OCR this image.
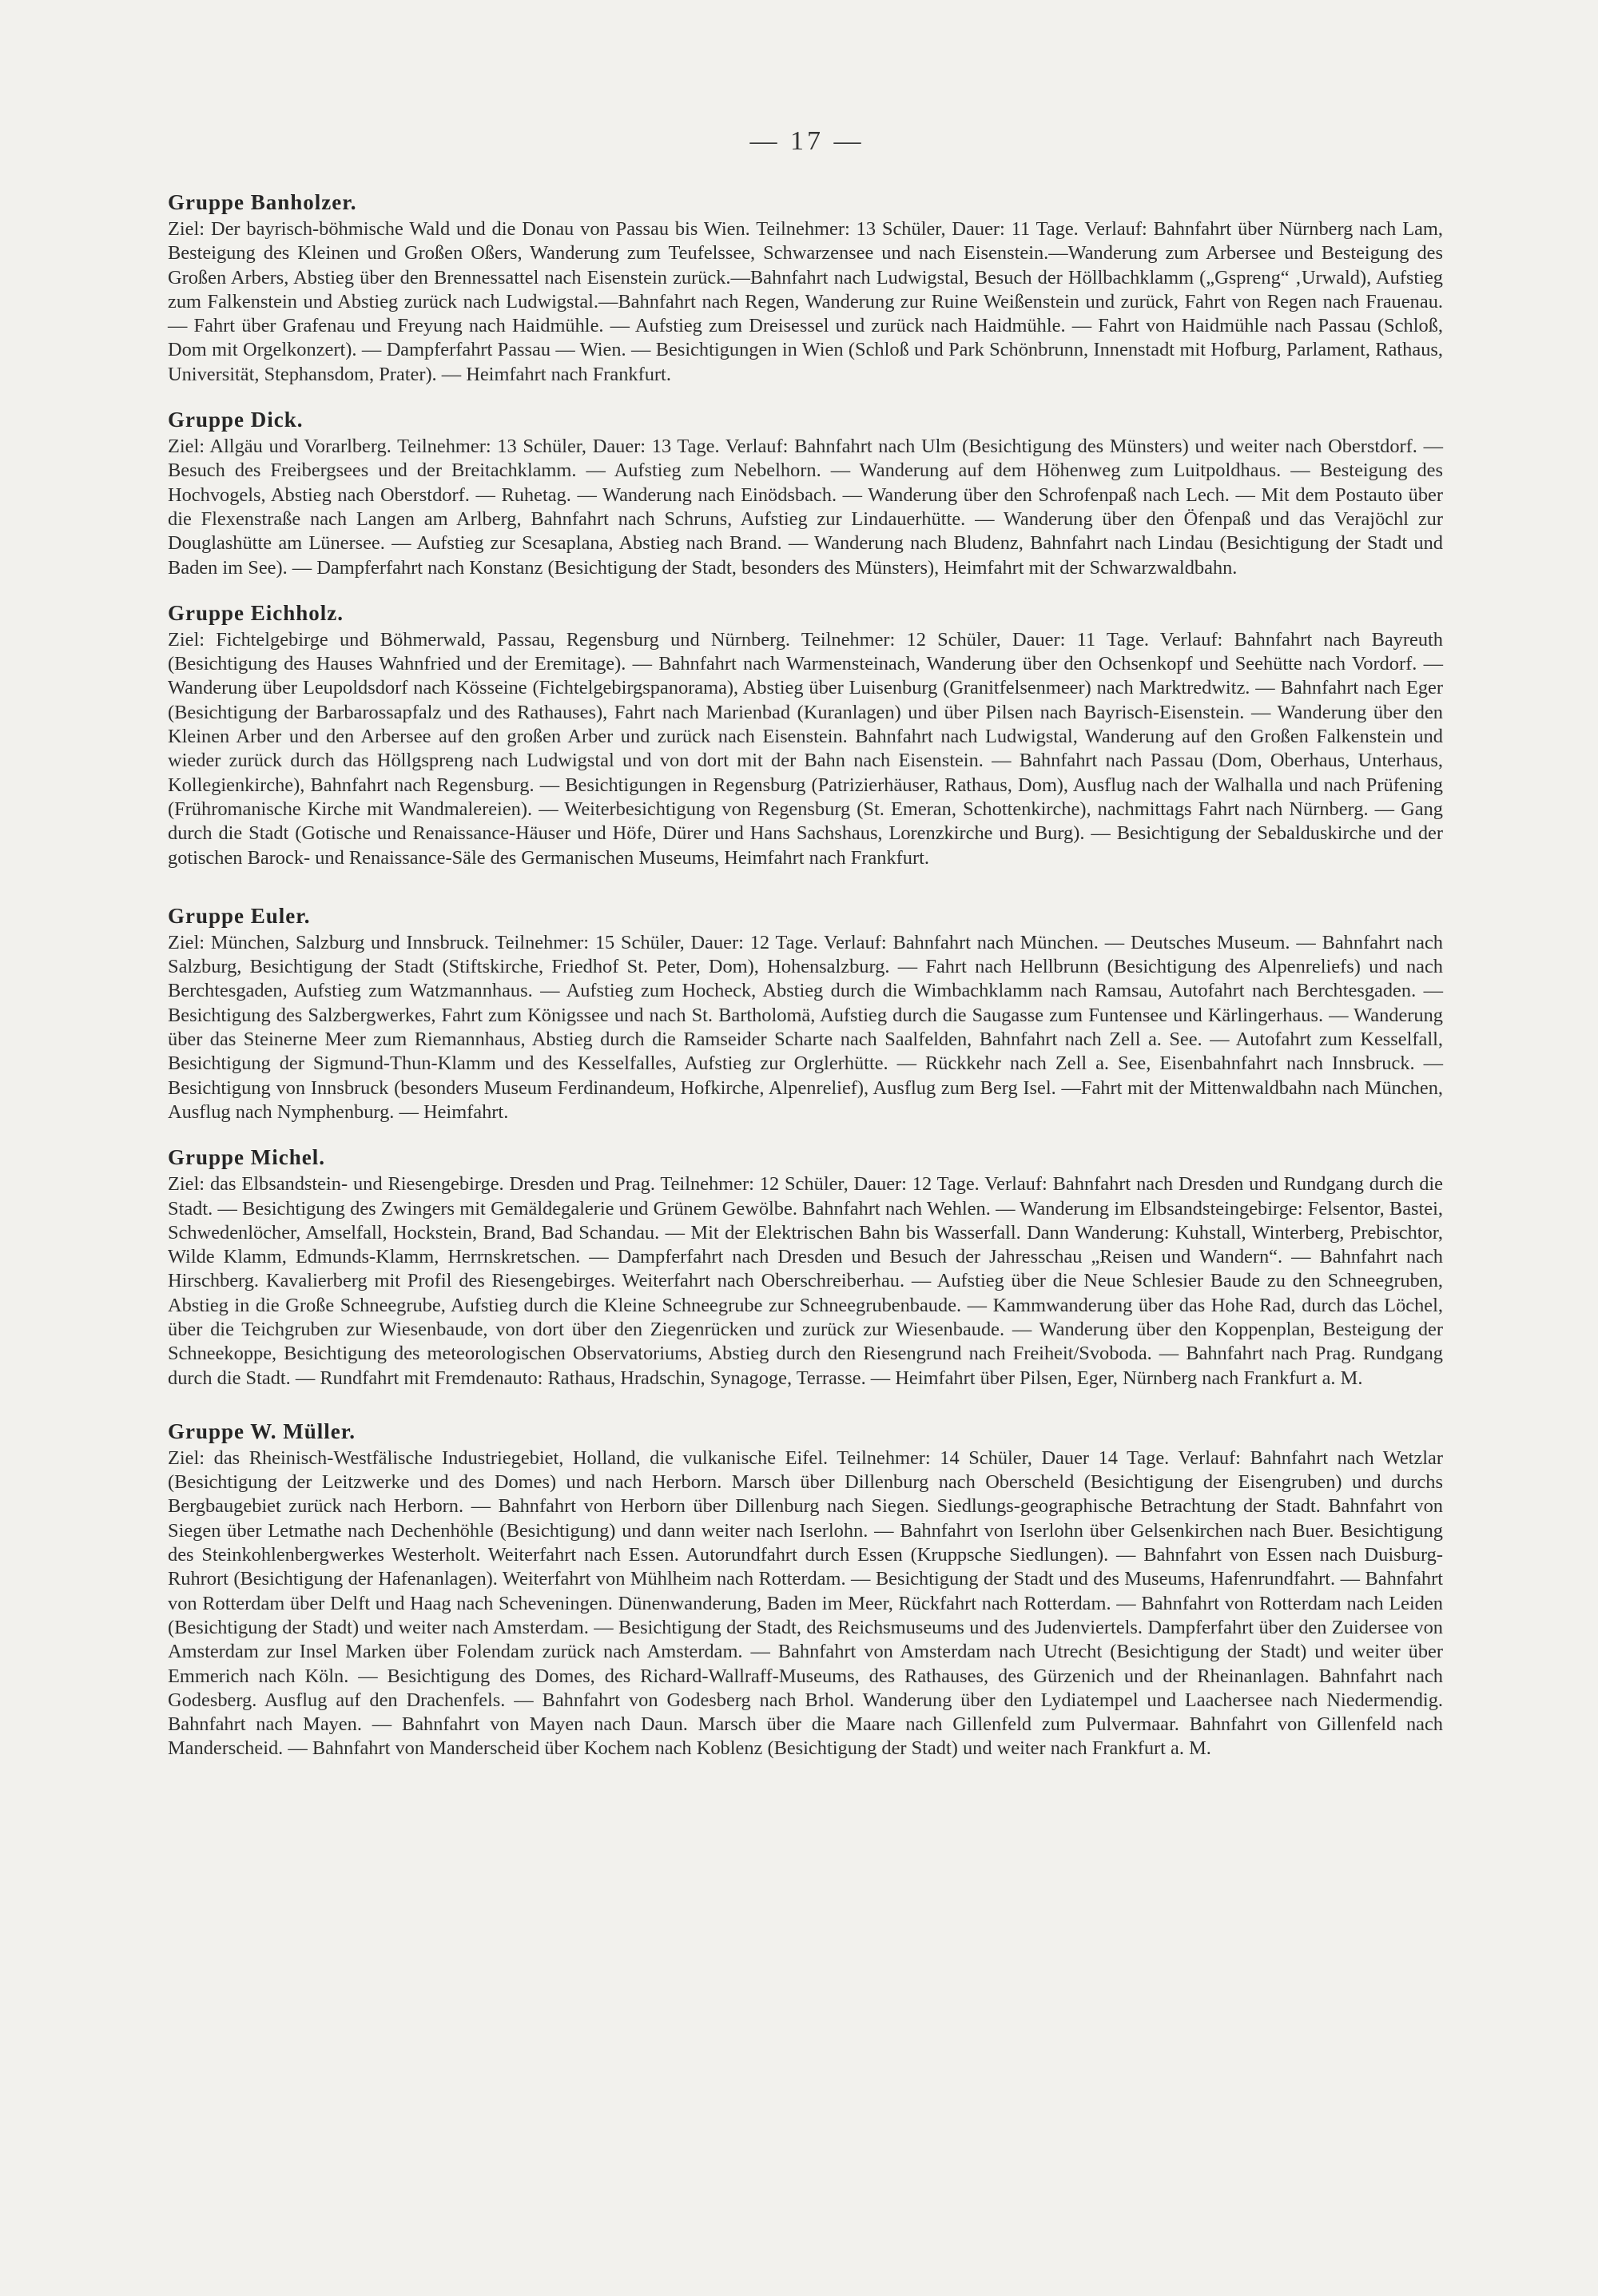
— 17 —
Gruppe Banholzer.

Ziel: Der bayrisch-böhmische Wald und die Donau von Passau bis Wien. Teilnehmer: 13 Schüler, Dauer: 11 Tage. Verlauf: Bahnfahrt über Nürnberg nach Lam, Besteigung des Kleinen und Großen Oßers, Wanderung zum Teufelssee, Schwarzensee und nach Eisenstein.—Wanderung zum Arbersee und Besteigung des Großen Arbers, Abstieg über den Brennessattel nach Eisenstein zurück.—Bahnfahrt nach Ludwigstal, Besuch der Höllbachklamm („Gspreng“ ‚Urwald), Aufstieg zum Falkenstein und Abstieg zurück nach Ludwigstal.—Bahnfahrt nach Regen, Wanderung zur Ruine Weißenstein und zurück, Fahrt von Regen nach Frauenau. — Fahrt über Grafenau und Freyung nach Haidmühle. — Aufstieg zum Dreisessel und zurück nach Haidmühle. — Fahrt von Haidmühle nach Passau (Schloß, Dom mit Orgelkonzert). — Dampferfahrt Passau — Wien. — Besichtigungen in Wien (Schloß und Park Schönbrunn, Innenstadt mit Hofburg, Parlament, Rathaus, Universität, Stephansdom, Prater). — Heimfahrt nach Frankfurt.

Gruppe Dick.

Ziel: Allgäu und Vorarlberg. Teilnehmer: 13 Schüler, Dauer: 13 Tage. Verlauf: Bahnfahrt nach Ulm (Besichtigung des Münsters) und weiter nach Oberstdorf. — Besuch des Freibergsees und der Breitachklamm. — Aufstieg zum Nebelhorn. — Wanderung auf dem Höhenweg zum Luitpoldhaus. — Besteigung des Hochvogels, Abstieg nach Oberstdorf. — Ruhetag. — Wanderung nach Einödsbach. — Wanderung über den Schrofenpaß nach Lech. — Mit dem Postauto über die Flexenstraße nach Langen am Arlberg, Bahnfahrt nach Schruns, Aufstieg zur Lindauerhütte. — Wanderung über den Öfenpaß und das Verajöchl zur Douglashütte am Lünersee. — Aufstieg zur Scesaplana, Abstieg nach Brand. — Wanderung nach Bludenz, Bahnfahrt nach Lindau (Besichtigung der Stadt und Baden im See). — Dampferfahrt nach Konstanz (Besichtigung der Stadt, besonders des Münsters), Heimfahrt mit der Schwarzwaldbahn.

Gruppe Eichholz.

Ziel: Fichtelgebirge und Böhmerwald, Passau, Regensburg und Nürnberg. Teilnehmer: 12 Schüler, Dauer: 11 Tage. Verlauf: Bahnfahrt nach Bayreuth (Besichtigung des Hauses Wahnfried und der Eremitage). — Bahnfahrt nach Warmensteinach, Wanderung über den Ochsenkopf und Seehütte nach Vordorf. — Wanderung über Leupoldsdorf nach Kösseine (Fichtelgebirgspanorama), Abstieg über Luisenburg (Granitfelsenmeer) nach Marktredwitz. — Bahnfahrt nach Eger (Besichtigung der Barbarossapfalz und des Rathauses), Fahrt nach Marienbad (Kuranlagen) und über Pilsen nach Bayrisch-Eisenstein. — Wanderung über den Kleinen Arber und den Arbersee auf den großen Arber und zurück nach Eisenstein. Bahnfahrt nach Ludwigstal, Wanderung auf den Großen Falkenstein und wieder zurück durch das Höllgspreng nach Ludwigstal und von dort mit der Bahn nach Eisenstein. — Bahnfahrt nach Passau (Dom, Oberhaus, Unterhaus, Kollegienkirche), Bahnfahrt nach Regensburg. — Besichtigungen in Regensburg (Patrizierhäuser, Rathaus, Dom), Ausflug nach der Walhalla und nach Prüfening (Frühromanische Kirche mit Wandmalereien). — Weiterbesichtigung von Regensburg (St. Emeran, Schottenkirche), nachmittags Fahrt nach Nürnberg. — Gang durch die Stadt (Gotische und Renaissance-Häuser und Höfe, Dürer und Hans Sachshaus, Lorenzkirche und Burg). — Besichtigung der Sebalduskirche und der gotischen Barock- und Renaissance-Säle des Germanischen Museums, Heimfahrt nach Frankfurt.

Gruppe Euler.

Ziel: München, Salzburg und Innsbruck. Teilnehmer: 15 Schüler, Dauer: 12 Tage. Verlauf: Bahnfahrt nach München. — Deutsches Museum. — Bahnfahrt nach Salzburg, Besichtigung der Stadt (Stiftskirche, Friedhof St. Peter, Dom), Hohensalzburg. — Fahrt nach Hellbrunn (Besichtigung des Alpenreliefs) und nach Berchtesgaden, Aufstieg zum Watzmannhaus. — Aufstieg zum Hocheck, Abstieg durch die Wimbachklamm nach Ramsau, Autofahrt nach Berchtesgaden. — Besichtigung des Salzbergwerkes, Fahrt zum Königssee und nach St. Bartholomä, Aufstieg durch die Saugasse zum Funtensee und Kärlingerhaus. — Wanderung über das Steinerne Meer zum Riemannhaus, Abstieg durch die Ramseider Scharte nach Saalfelden, Bahnfahrt nach Zell a. See. — Autofahrt zum Kesselfall, Besichtigung der Sigmund-Thun-Klamm und des Kesselfalles, Aufstieg zur Orglerhütte. — Rückkehr nach Zell a. See, Eisenbahnfahrt nach Innsbruck. — Besichtigung von Innsbruck (besonders Museum Ferdinandeum, Hofkirche, Alpenrelief), Ausflug zum Berg Isel. —Fahrt mit der Mittenwaldbahn nach München, Ausflug nach Nymphenburg. — Heimfahrt.

Gruppe Michel.

Ziel: das Elbsandstein- und Riesengebirge. Dresden und Prag. Teilnehmer: 12 Schüler, Dauer: 12 Tage. Verlauf: Bahnfahrt nach Dresden und Rundgang durch die Stadt. — Besichtigung des Zwingers mit Gemäldegalerie und Grünem Gewölbe. Bahnfahrt nach Wehlen. — Wanderung im Elbsandsteingebirge: Felsentor, Bastei, Schwedenlöcher, Amselfall, Hockstein, Brand, Bad Schandau. — Mit der Elektrischen Bahn bis Wasserfall. Dann Wanderung: Kuhstall, Winterberg, Prebischtor, Wilde Klamm, Edmunds-Klamm, Herrnskretschen. — Dampferfahrt nach Dresden und Besuch der Jahresschau „Reisen und Wandern“. — Bahnfahrt nach Hirschberg. Kavalierberg mit Profil des Riesengebirges. Weiterfahrt nach Oberschreiberhau. — Aufstieg über die Neue Schlesier Baude zu den Schneegruben, Abstieg in die Große Schneegrube, Aufstieg durch die Kleine Schneegrube zur Schneegrubenbaude. — Kammwanderung über das Hohe Rad, durch das Löchel, über die Teichgruben zur Wiesenbaude, von dort über den Ziegenrücken und zurück zur Wiesenbaude. — Wanderung über den Koppenplan, Besteigung der Schneekoppe, Besichtigung des meteorologischen Observatoriums, Abstieg durch den Riesengrund nach Freiheit/Svoboda. — Bahnfahrt nach Prag. Rundgang durch die Stadt. — Rundfahrt mit Fremdenauto: Rathaus, Hradschin, Synagoge, Terrasse. — Heimfahrt über Pilsen, Eger, Nürnberg nach Frankfurt a. M.

Gruppe W. Müller.

Ziel: das Rheinisch-Westfälische Industriegebiet, Holland, die vulkanische Eifel. Teilnehmer: 14 Schüler, Dauer 14 Tage. Verlauf: Bahnfahrt nach Wetzlar (Besichtigung der Leitzwerke und des Domes) und nach Herborn. Marsch über Dillenburg nach Oberscheld (Besichtigung der Eisengruben) und durchs Bergbaugebiet zurück nach Herborn. — Bahnfahrt von Herborn über Dillenburg nach Siegen. Siedlungs-geographische Betrachtung der Stadt. Bahnfahrt von Siegen über Letmathe nach Dechenhöhle (Besichtigung) und dann weiter nach Iserlohn. — Bahnfahrt von Iserlohn über Gelsenkirchen nach Buer. Besichtigung des Steinkohlenbergwerkes Westerholt. Weiterfahrt nach Essen. Autorundfahrt durch Essen (Kruppsche Siedlungen). — Bahnfahrt von Essen nach Duisburg-Ruhrort (Besichtigung der Hafenanlagen). Weiterfahrt von Mühlheim nach Rotterdam. — Besichtigung der Stadt und des Museums, Hafenrundfahrt. — Bahnfahrt von Rotterdam über Delft und Haag nach Scheveningen. Dünenwanderung, Baden im Meer, Rückfahrt nach Rotterdam. — Bahnfahrt von Rotterdam nach Leiden (Besichtigung der Stadt) und weiter nach Amsterdam. — Besichtigung der Stadt, des Reichsmuseums und des Judenviertels. Dampferfahrt über den Zuidersee von Amsterdam zur Insel Marken über Folendam zurück nach Amsterdam. — Bahnfahrt von Amsterdam nach Utrecht (Besichtigung der Stadt) und weiter über Emmerich nach Köln. — Besichtigung des Domes, des Richard-Wallraff-Museums, des Rathauses, des Gürzenich und der Rheinanlagen. Bahnfahrt nach Godesberg. Ausflug auf den Drachenfels. — Bahnfahrt von Godesberg nach Brhol. Wanderung über den Lydiatempel und Laachersee nach Niedermendig. Bahnfahrt nach Mayen. — Bahnfahrt von Mayen nach Daun. Marsch über die Maare nach Gillenfeld zum Pulvermaar. Bahnfahrt von Gillenfeld nach Manderscheid. — Bahnfahrt von Manderscheid über Kochem nach Koblenz (Besichtigung der Stadt) und weiter nach Frankfurt a. M.
